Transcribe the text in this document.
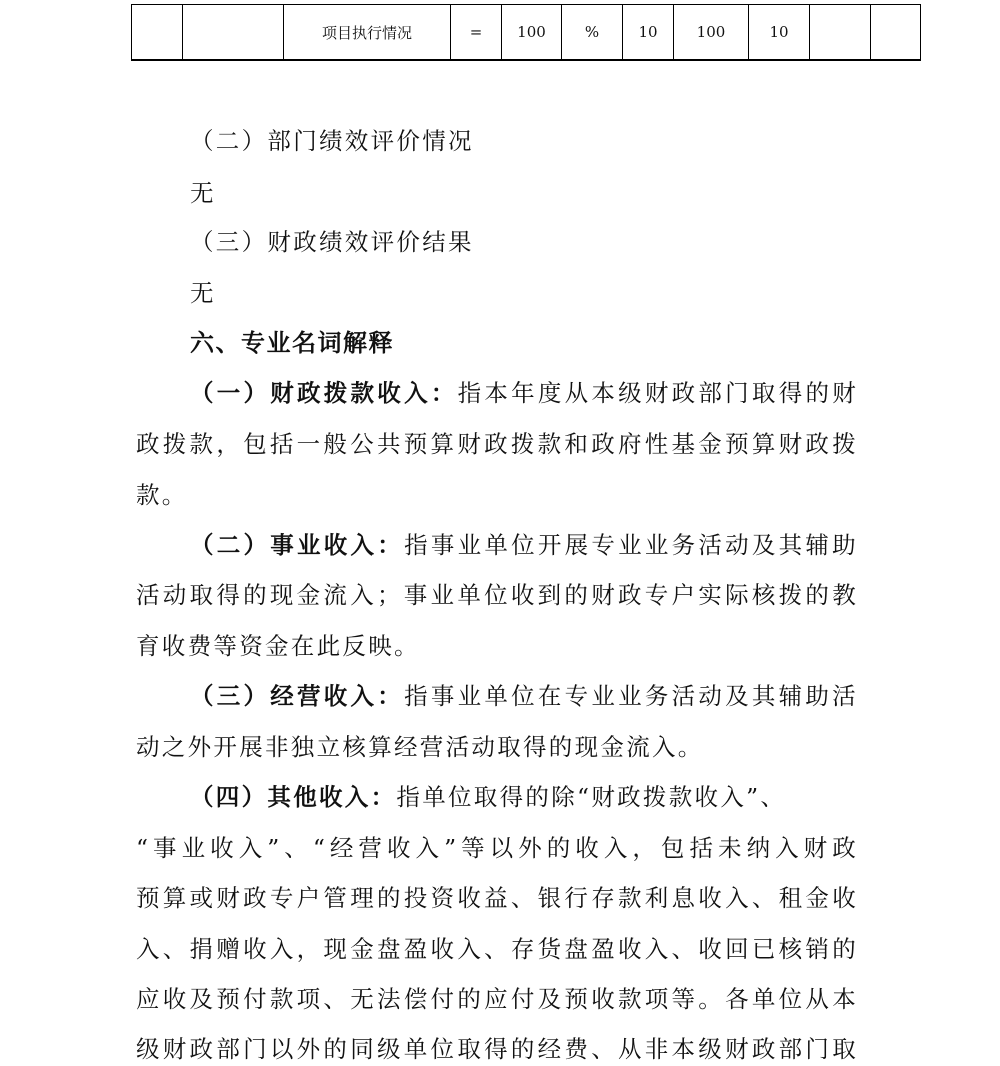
		项目执行情况	=	100	%	10	100	10		
（二）部门绩效评价情况
无
（三）财政绩效评价结果
无
六、专业名词解释
（一）财政拨款收入：指本年度从本级财政部门取得的财
政拨款，包括一般公共预算财政拨款和政府性基金预算财政拨
款。
（二）事业收入：指事业单位开展专业业务活动及其辅助
活动取得的现金流入；事业单位收到的财政专户实际核拨的教
育收费等资金在此反映。
（三）经营收入：指事业单位在专业业务活动及其辅助活
动之外开展非独立核算经营活动取得的现金流入。
（四）其他收入：指单位取得的除“财政拨款收入”、
“事业收入”、“经营收入”等以外的收入，包括未纳入财政
预算或财政专户管理的投资收益、银行存款利息收入、租金收
入、捐赠收入，现金盘盈收入、存货盘盈收入、收回已核销的
应收及预付款项、无法偿付的应付及预收款项等。各单位从本
级财政部门以外的同级单位取得的经费、从非本级财政部门取
